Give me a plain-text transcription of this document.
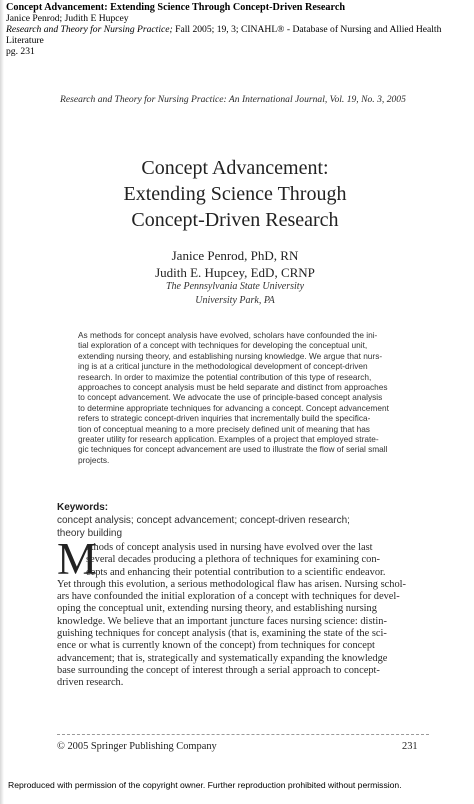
Concept Advancement: Extending Science Through Concept-Driven Research
Janice Penrod; Judith E Hupcey
Research and Theory for Nursing Practice; Fall 2005; 19, 3; CINAHL® - Database of Nursing and Allied Health Literature
pg. 231
Research and Theory for Nursing Practice: An International Journal, Vol. 19, No. 3, 2005
Concept Advancement:
Extending Science Through
Concept-Driven Research
Janice Penrod, PhD, RN
Judith E. Hupcey, EdD, CRNP
The Pennsylvania State University
University Park, PA
As methods for concept analysis have evolved, scholars have confounded the ini-
tial exploration of a concept with techniques for developing the conceptual unit,
extending nursing theory, and establishing nursing knowledge. We argue that nurs-
ing is at a critical juncture in the methodological development of concept-driven
research. In order to maximize the potential contribution of this type of research,
approaches to concept analysis must be held separate and distinct from approaches
to concept advancement. We advocate the use of principle-based concept analysis
to determine appropriate techniques for advancing a concept. Concept advancement
refers to strategic concept-driven inquiries that incrementally build the specifica-
tion of conceptual meaning to a more precisely defined unit of meaning that has
greater utility for research application. Examples of a project that employed strate-
gic techniques for concept advancement are used to illustrate the flow of serial small
projects.
Keywords:
concept analysis; concept advancement; concept-driven research;
theory building
M
ethods of concept analysis used in nursing have evolved over the last
several decades producing a plethora of techniques for examining con-
cepts and enhancing their potential contribution to a scientific endeavor.
Yet through this evolution, a serious methodological flaw has arisen. Nursing schol-
ars have confounded the initial exploration of a concept with techniques for devel-
oping the conceptual unit, extending nursing theory, and establishing nursing
knowledge. We believe that an important juncture faces nursing science: distin-
guishing techniques for concept analysis (that is, examining the state of the sci-
ence or what is currently known of the concept) from techniques for concept
advancement; that is, strategically and systematically expanding the knowledge
base surrounding the concept of interest through a serial approach to concept-
driven research.
© 2005 Springer Publishing Company	231
Reproduced with permission of the copyright owner. Further reproduction prohibited without permission.
